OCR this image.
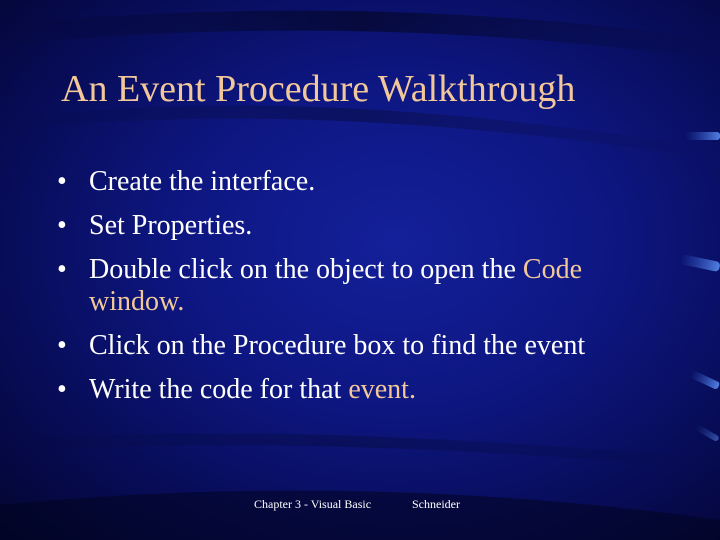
An Event Procedure Walkthrough
• Create the interface.
• Set Properties.
• Double click on the object to open the Code window.
• Click on the Procedure box to find the event
• Write the code for that event.
Chapter 3 - Visual Basic	Schneider
